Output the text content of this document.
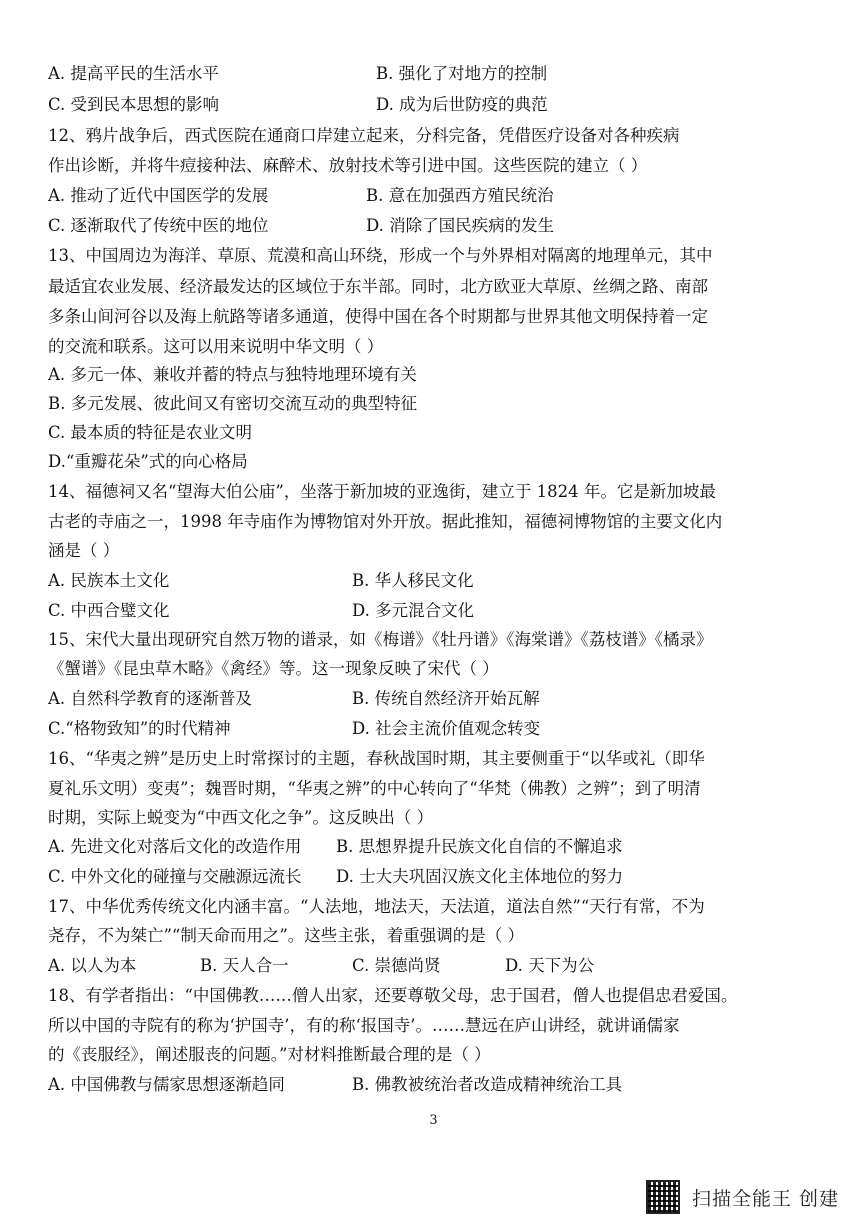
A. 提高平民的生活水平	B. 强化了对地方的控制
C. 受到民本思想的影响	D. 成为后世防疫的典范
12、鸦片战争后，西式医院在通商口岸建立起来，分科完备，凭借医疗设备对各种疾病
作出诊断，并将牛痘接种法、麻醉术、放射技术等引进中国。这些医院的建立（ ）
A. 推动了近代中国医学的发展	B. 意在加强西方殖民统治
C. 逐渐取代了传统中医的地位	D. 消除了国民疾病的发生
13、中国周边为海洋、草原、荒漠和高山环绕，形成一个与外界相对隔离的地理单元，其中
最适宜农业发展、经济最发达的区域位于东半部。同时，北方欧亚大草原、丝绸之路、南部
多条山间河谷以及海上航路等诸多通道，使得中国在各个时期都与世界其他文明保持着一定
的交流和联系。这可以用来说明中华文明（ ）
A. 多元一体、兼收并蓄的特点与独特地理环境有关
B. 多元发展、彼此间又有密切交流互动的典型特征
C. 最本质的特征是农业文明
D.“重瓣花朵”式的向心格局
14、福德祠又名“望海大伯公庙”，坐落于新加坡的亚逸街，建立于 1824 年。它是新加坡最
古老的寺庙之一，1998 年寺庙作为博物馆对外开放。据此推知，福德祠博物馆的主要文化内
涵是（ ）
A. 民族本土文化	B. 华人移民文化
C. 中西合璧文化	D. 多元混合文化
15、宋代大量出现研究自然万物的谱录，如《梅谱》《牡丹谱》《海棠谱》《荔枝谱》《橘录》
《蟹谱》《昆虫草木略》《禽经》等。这一现象反映了宋代（ ）
A. 自然科学教育的逐渐普及	B. 传统自然经济开始瓦解
C.“格物致知”的时代精神	D. 社会主流价值观念转变
16、“华夷之辨”是历史上时常探讨的主题，春秋战国时期，其主要侧重于“以华或礼（即华
夏礼乐文明）变夷”；魏晋时期，“华夷之辨”的中心转向了“华梵（佛教）之辨”；到了明清
时期，实际上蜕变为“中西文化之争”。这反映出（ ）
A. 先进文化对落后文化的改造作用 B. 思想界提升民族文化自信的不懈追求
C. 中外文化的碰撞与交融源远流长 D. 士大夫巩固汉族文化主体地位的努力
17、中华优秀传统文化内涵丰富。“人法地，地法天，天法道，道法自然”“天行有常，不为
尧存，不为桀亡”“制天命而用之”。这些主张，着重强调的是（ ）
A. 以人为本	B. 天人合一	C. 崇德尚贤	D. 天下为公
18、有学者指出：“中国佛教……僧人出家，还要尊敬父母，忠于国君，僧人也提倡忠君爱国。
所以中国的寺院有的称为‘护国寺’，有的称‘报国寺’。……慧远在庐山讲经，就讲诵儒家
的《丧服经》，阐述服丧的问题。”对材料推断最合理的是（ ）
A. 中国佛教与儒家思想逐渐趋同	B. 佛教被统治者改造成精神统治工具
3
扫描全能王 创建
